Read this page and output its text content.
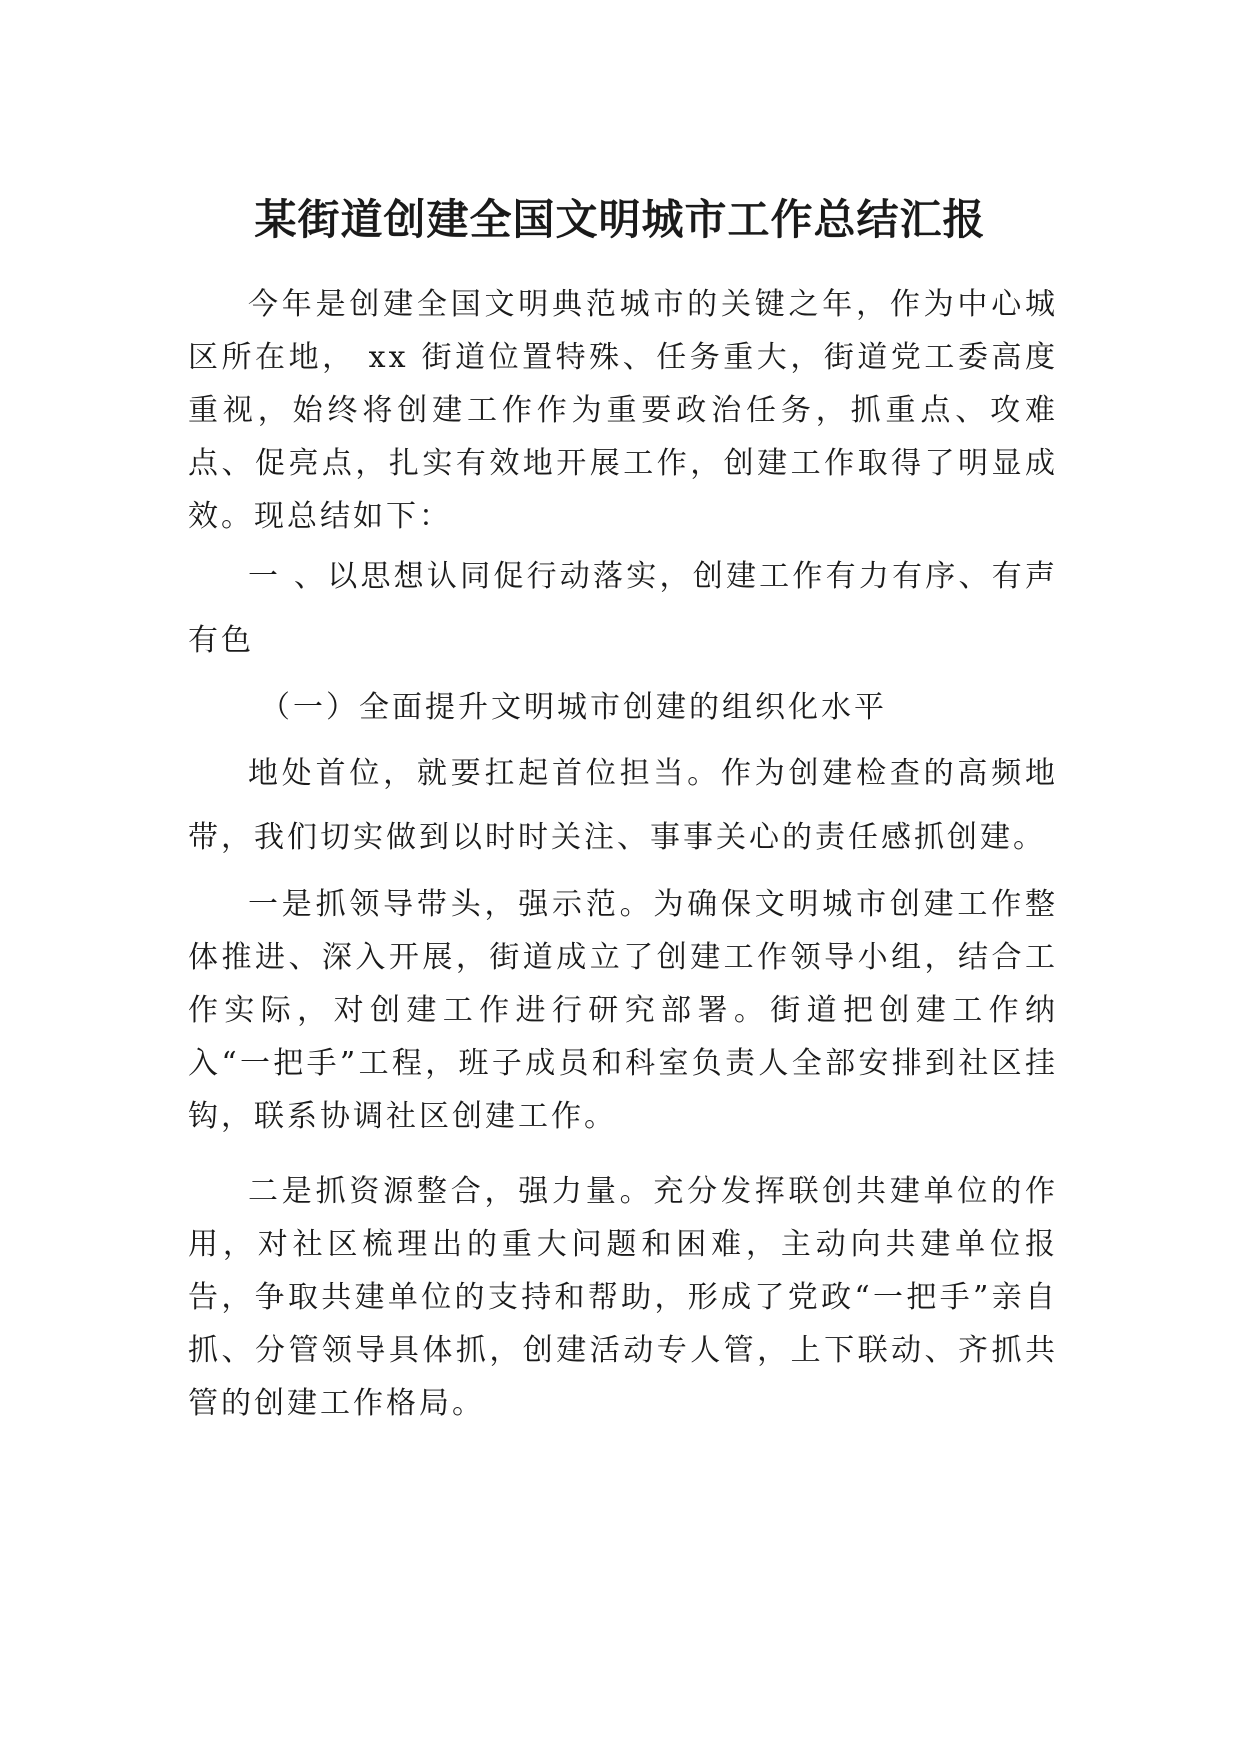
某街道创建全国文明城市工作总结汇报

今年是创建全国文明典范城市的关键之年，作为中心城区所在地， xx 街道位置特殊、任务重大，街道党工委高度重视，始终将创建工作作为重要政治任务，抓重点、攻难点、促亮点，扎实有效地开展工作，创建工作取得了明显成效。现总结如下：

一 、以思想认同促行动落实，创建工作有力有序、有声有色

（一）全面提升文明城市创建的组织化水平

地处首位，就要扛起首位担当。作为创建检查的高频地带，我们切实做到以时时关注、事事关心的责任感抓创建。

一是抓领导带头，强示范。为确保文明城市创建工作整体推进、深入开展，街道成立了创建工作领导小组，结合工作实际，对创建工作进行研究部署。街道把创建工作纳入“一把手”工程，班子成员和科室负责人全部安排到社区挂钩，联系协调社区创建工作。

二是抓资源整合，强力量。充分发挥联创共建单位的作用，对社区梳理出的重大问题和困难，主动向共建单位报告，争取共建单位的支持和帮助，形成了党政“一把手”亲自抓、分管领导具体抓，创建活动专人管，上下联动、齐抓共管的创建工作格局。
